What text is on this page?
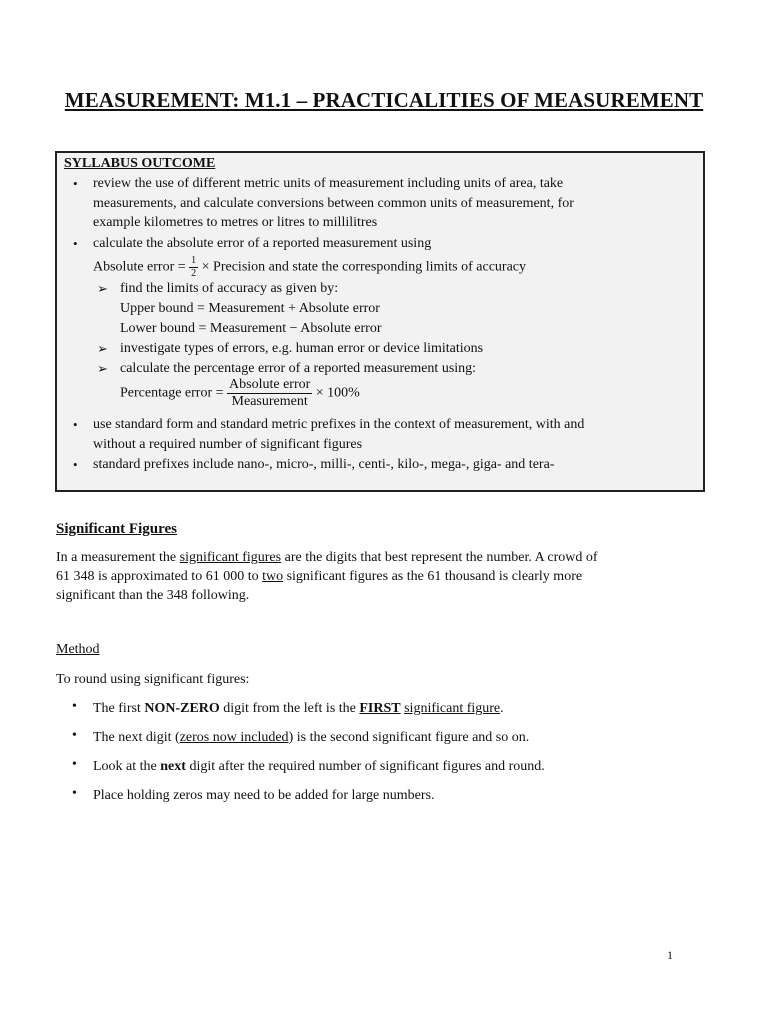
MEASUREMENT: M1.1 – PRACTICALITIES OF MEASUREMENT
SYLLABUS OUTCOME
• review the use of different metric units of measurement including units of area, take
measurements, and calculate conversions between common units of measurement, for
example kilometres to metres or litres to millilitres
• calculate the absolute error of a reported measurement using
Absolute error = $\frac{1}{2}$ × Precision and state the corresponding limits of accuracy
➢ find the limits of accuracy as given by:
Upper bound = Measurement + Absolute error
Lower bound = Measurement − Absolute error
➢ investigate types of errors, e.g. human error or device limitations
➢ calculate the percentage error of a reported measurement using:
Percentage error = $\frac{\text{Absolute error}}{\text{Measurement}} \times 100\%$
• use standard form and standard metric prefixes in the context of measurement, with and
without a required number of significant figures
• standard prefixes include nano-, micro-, milli-, centi-, kilo-, mega-, giga- and tera-
Significant Figures
In a measurement the significant figures are the digits that best represent the number. A crowd of
61 348 is approximated to 61 000 to two significant figures as the 61 thousand is clearly more
significant than the 348 following.
Method
To round using significant figures:
• The first NON-ZERO digit from the left is the FIRST significant figure.
• The next digit (zeros now included) is the second significant figure and so on.
• Look at the next digit after the required number of significant figures and round.
• Place holding zeros may need to be added for large numbers.
1
